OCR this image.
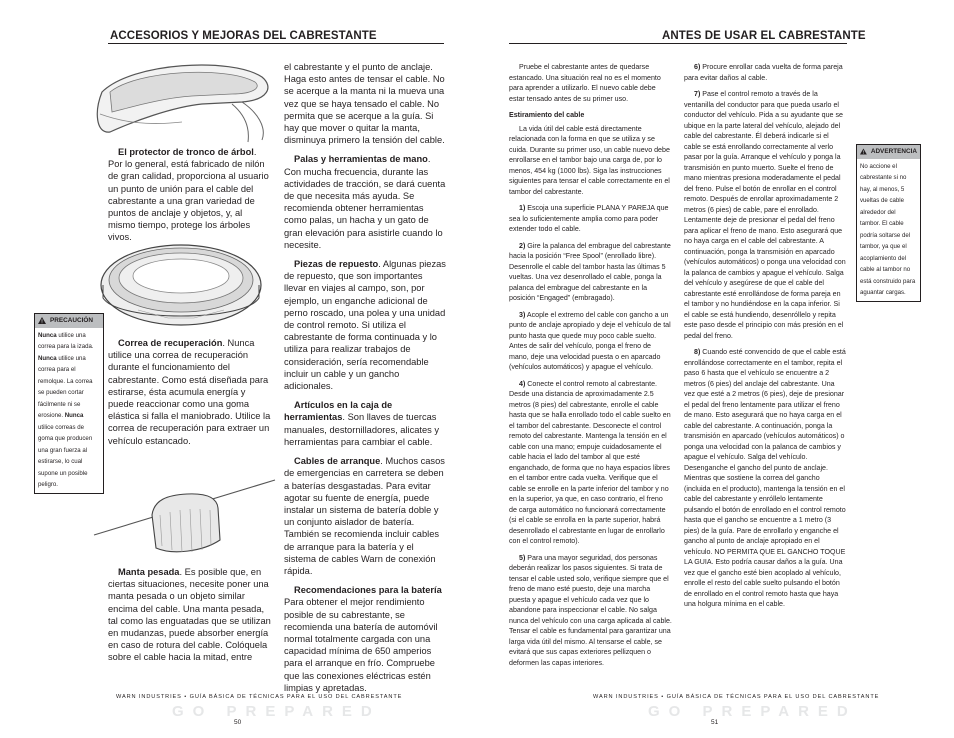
ACCESORIOS Y MEJORAS DEL CABRESTANTE

El protector de tronco de árbol. Por lo general, está fabricado de nilón de gran calidad, proporciona al usuario un punto de unión para el cable del cabrestante a una gran variedad de puntos de anclaje y objetos, y, al mismo tiempo, protege los árboles vivos.

Correa de recuperación. Nunca utilice una correa de recuperación durante el funcionamiento del cabrestante. Como está diseñada para estirarse, ésta acumula energía y puede reaccionar como una goma elástica si falla el maniobrado. Utilice la correa de recuperación para extraer un vehículo estancado.

Manta pesada. Es posible que, en ciertas situaciones, necesite poner una manta pesada o un objeto similar encima del cable. Una manta pesada, tal como las enguatadas que se utilizan en mudanzas, puede absorber energía en caso de rotura del cable. Colóquela sobre el cable hacia la mitad, entre

el cabrestante y el punto de anclaje. Haga esto antes de tensar el cable. No se acerque a la manta ni la mueva una vez que se haya tensado el cable. No permita que se acerque a la guía. Si hay que mover o quitar la manta, disminuya primero la tensión del cable.

Palas y herramientas de mano. Con mucha frecuencia, durante las actividades de tracción, se dará cuenta de que necesita más ayuda. Se recomienda obtener herramientas como palas, un hacha y un gato de gran elevación para asistirle cuando lo necesite.

Piezas de repuesto. Algunas piezas de repuesto, que son importantes llevar en viajes al campo, son, por ejemplo, un enganche adicional de perno roscado, una polea y una unidad de control remoto. Si utiliza el cabrestante de forma continuada y lo utiliza para realizar trabajos de consideración, sería recomendable incluir un cable y un gancho adicionales.

Artículos en la caja de herramientas. Son llaves de tuercas manuales, destornilladores, alicates y herramientas para cambiar el cable.

Cables de arranque. Muchos casos de emergencias en carretera se deben a baterías desgastadas. Para evitar agotar su fuente de energía, puede instalar un sistema de batería doble y un conjunto aislador de batería. También se recomienda incluir cables de arranque para la batería y el sistema de cables Warn de conexión rápida.

Recomendaciones para la batería
Para obtener el mejor rendimiento posible de su cabrestante, se recomienda una batería de automóvil normal totalmente cargada con una capacidad mínima de 650 amperios para el arranque en frío. Compruebe que las conexiones eléctricas estén limpias y apretadas.

PRECAUCIÓN
Nunca utilice una correa para la izada. Nunca utilice una correa para el remolque. La correa se pueden cortar fácilmente ni se erosione. Nunca utilice correas de goma que producen una gran fuerza al estirarse, lo cual supone un posible peligro.
WARN INDUSTRIES • GUÍA BÁSICA DE TÉCNICAS PARA EL USO DEL CABRESTANTE
GO PREPARED
50
ANTES DE USAR EL CABRESTANTE

Pruebe el cabrestante antes de quedarse estancado. Una situación real no es el momento para aprender a utilizarlo. El nuevo cable debe estar tensado antes de su primer uso.

Estiramiento del cable

La vida útil del cable está directamente relacionada con la forma en que se utiliza y se cuida. Durante su primer uso, un cable nuevo debe enrollarse en el tambor bajo una carga de, por lo menos, 454 kg (1000 lbs). Siga las instrucciones siguientes para tensar el cable correctamente en el tambor del cabrestante.

1) Escoja una superficie PLANA Y PAREJA que sea lo suficientemente amplia como para poder extender todo el cable.

2) Gire la palanca del embrague del cabrestante hacia la posición “Free Spool” (enrollado libre). Desenrolle el cable del tambor hasta las últimas 5 vueltas. Una vez desenrollado el cable, ponga la palanca del embrague del cabrestante en la posición “Engaged” (embragado).

3) Acople el extremo del cable con gancho a un punto de anclaje apropiado y deje el vehículo de tal punto hasta que quede muy poco cable suelto. Antes de salir del vehículo, ponga el freno de mano, deje una velocidad puesta o en aparcado (vehículos automáticos) y apague el vehículo.

4) Conecte el control remoto al cabrestante. Desde una distancia de aproximadamente 2.5 metros (8 pies) del cabrestante, enrolle el cable hasta que se halla enrollado todo el cable suelto en el tambor del cabrestante. Desconecte el control remoto del cabrestante. Mantenga la tensión en el cable con una mano; empuje cuidadosamente el cable hacia el lado del tambor al que esté enganchado, de forma que no haya espacios libres en el tambor entre cada vuelta. Verifique que el cable se enrolle en la parte inferior del tambor y no en la superior, ya que, en caso contrario, el freno de carga automático no funcionará correctamente (si el cable se enrolla en la parte superior, habrá desenrollado el cabrestante en lugar de enrollarlo con el control remoto).

5) Para una mayor seguridad, dos personas deberán realizar los pasos siguientes. Si trata de tensar el cable usted solo, verifique siempre que el freno de mano esté puesto, deje una marcha puesta y apague el vehículo cada vez que lo abandone para inspeccionar el cable. No salga nunca del vehículo con una carga aplicada al cable. Tensar el cable es fundamental para garantizar una larga vida útil del mismo. Al tensarse el cable, se evitará que sus capas exteriores pellizquen o deformen las capas interiores.

6) Procure enrollar cada vuelta de forma pareja para evitar daños al cable.

7) Pase el control remoto a través de la ventanilla del conductor para que pueda usarlo el conductor del vehículo. Pida a su ayudante que se ubique en la parte lateral del vehículo, alejado del cable del cabrestante. Él deberá indicarle si el cable se está enrollando correctamente al verlo pasar por la guía. Arranque el vehículo y ponga la transmisión en punto muerto. Suelte el freno de mano mientras presiona moderadamente el pedal del freno. Pulse el botón de enrollar en el control remoto. Después de enrollar aproximadamente 2 metros (6 pies) de cable, pare el enrollado. Lentamente deje de presionar el pedal del freno para aplicar el freno de mano. Esto asegurará que no haya carga en el cable del cabrestante. A continuación, ponga la transmisión en aparcado (vehículos automáticos) o ponga una velocidad con la palanca de cambios y apague el vehículo. Salga del vehículo y asegúrese de que el cable del cabrestante esté enrollándose de forma pareja en el tambor y no hundiéndose en la capa inferior. Si el cable se está hundiendo, desenróllelo y repita este paso desde el principio con más presión en el pedal del freno.

8) Cuando esté convencido de que el cable está enrollándose correctamente en el tambor, repita el paso 6 hasta que el vehículo se encuentre a 2 metros (6 pies) del anclaje del cabrestante. Una vez que esté a 2 metros (6 pies), deje de presionar el pedal del freno lentamente para utilizar el freno de mano. Esto asegurará que no haya carga en el cable del cabrestante. A continuación, ponga la transmisión en aparcado (vehículos automáticos) o ponga una velocidad con la palanca de cambios y apague el vehículo. Salga del vehículo. Desenganche el gancho del punto de anclaje. Mientras que sostiene la correa del gancho (incluida en el producto), mantenga la tensión en el cable del cabrestante y enróllelo lentamente pulsando el botón de enrollado en el control remoto hasta que el gancho se encuentre a 1 metro (3 pies) de la guía. Pare de enrollarlo y enganche el gancho al punto de anclaje apropiado en el vehículo. NO PERMITA QUE EL GANCHO TOQUE LA GUIA. Esto podría causar daños a la guía. Una vez que el gancho esté bien acoplado al vehículo, enrolle el resto del cable suelto pulsando el botón de enrollado en el control remoto hasta que haya una holgura mínima en el cable.

ADVERTENCIA
No accione el cabrestante si no hay, al menos, 5 vueltas de cable alrededor del tambor. El cable podría soltarse del tambor, ya que el acoplamiento del cable al tambor no está construido para aguantar cargas.
WARN INDUSTRIES • GUÍA BÁSICA DE TÉCNICAS PARA EL USO DEL CABRESTANTE
GO PREPARED
51
